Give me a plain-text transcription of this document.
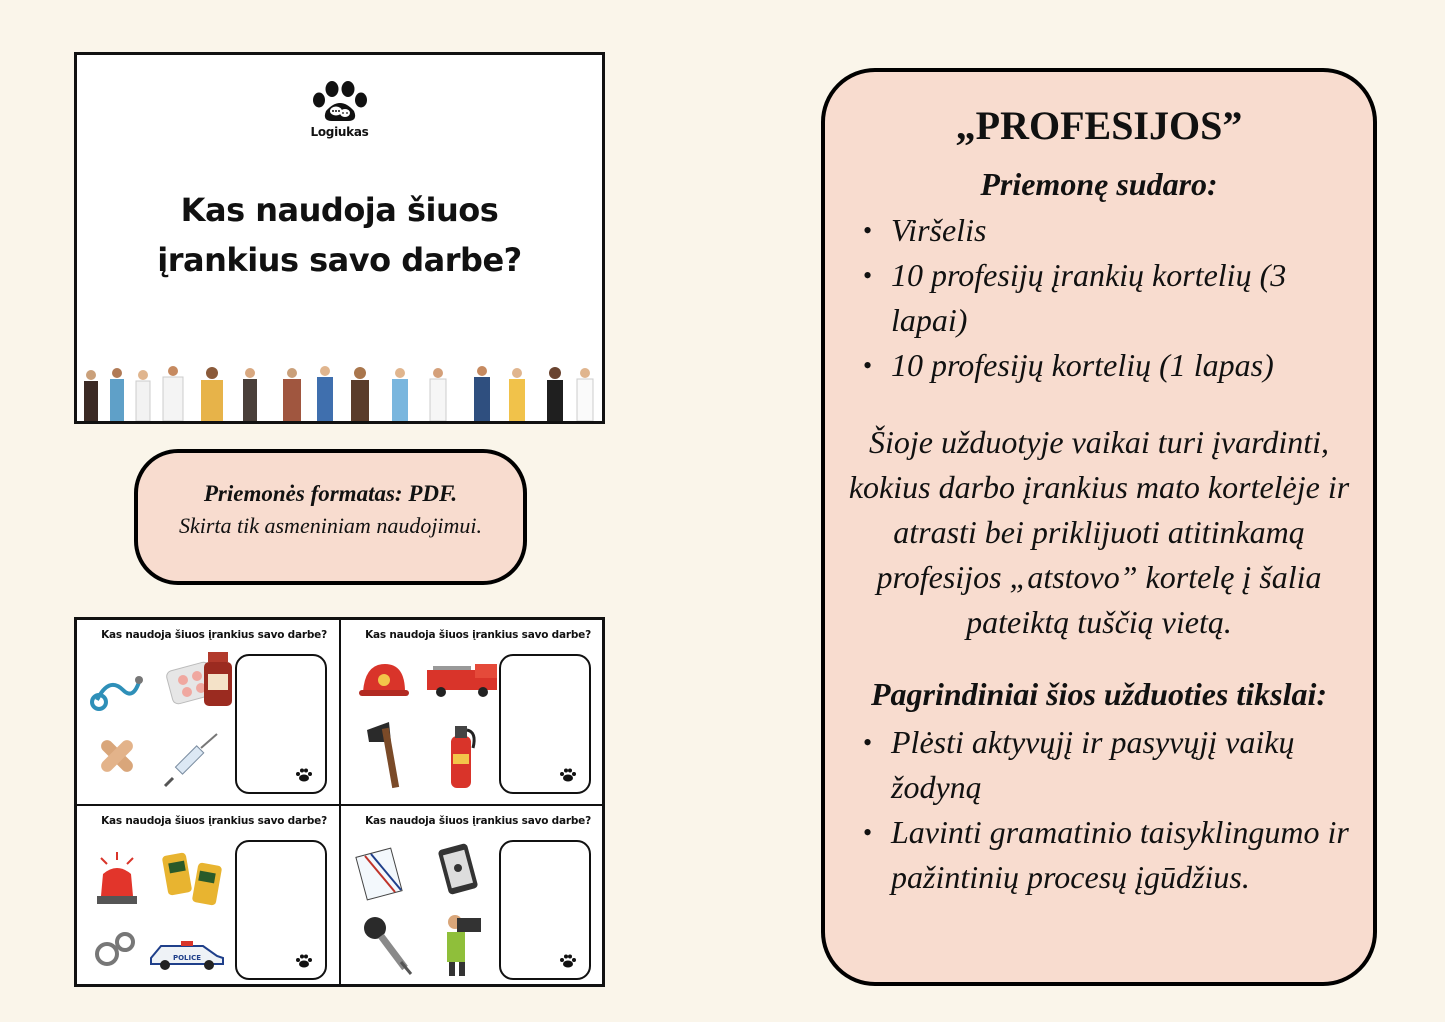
Logiukas
Kas naudoja šiuos
įrankius savo darbe?
Priemonės formatas: PDF.
Skirta tik asmeniniam naudojimui.
Kas naudoja šiuos įrankius savo darbe?	Kas naudoja šiuos įrankius savo darbe?
Kas naudoja šiuos įrankius savo darbe?
POLICE
Kas naudoja šiuos įrankius savo darbe?
„PROFESIJOS”
Priemonę sudaro:
• Viršelis
• 10 profesijų įrankių kortelių (3 lapai)
• 10 profesijų kortelių (1 lapas)
Šioje užduotyje vaikai turi įvardinti, kokius darbo įrankius mato kortelėje ir atrasti bei priklijuoti atitinkamą profesijos „atstovo” kortelę į šalia pateiktą tuščią vietą.
Pagrindiniai šios užduoties tikslai:
• Plėsti aktyvųjį ir pasyvųjį vaikų žodyną
• Lavinti gramatinio taisyklingumo ir pažintinių procesų įgūdžius.
